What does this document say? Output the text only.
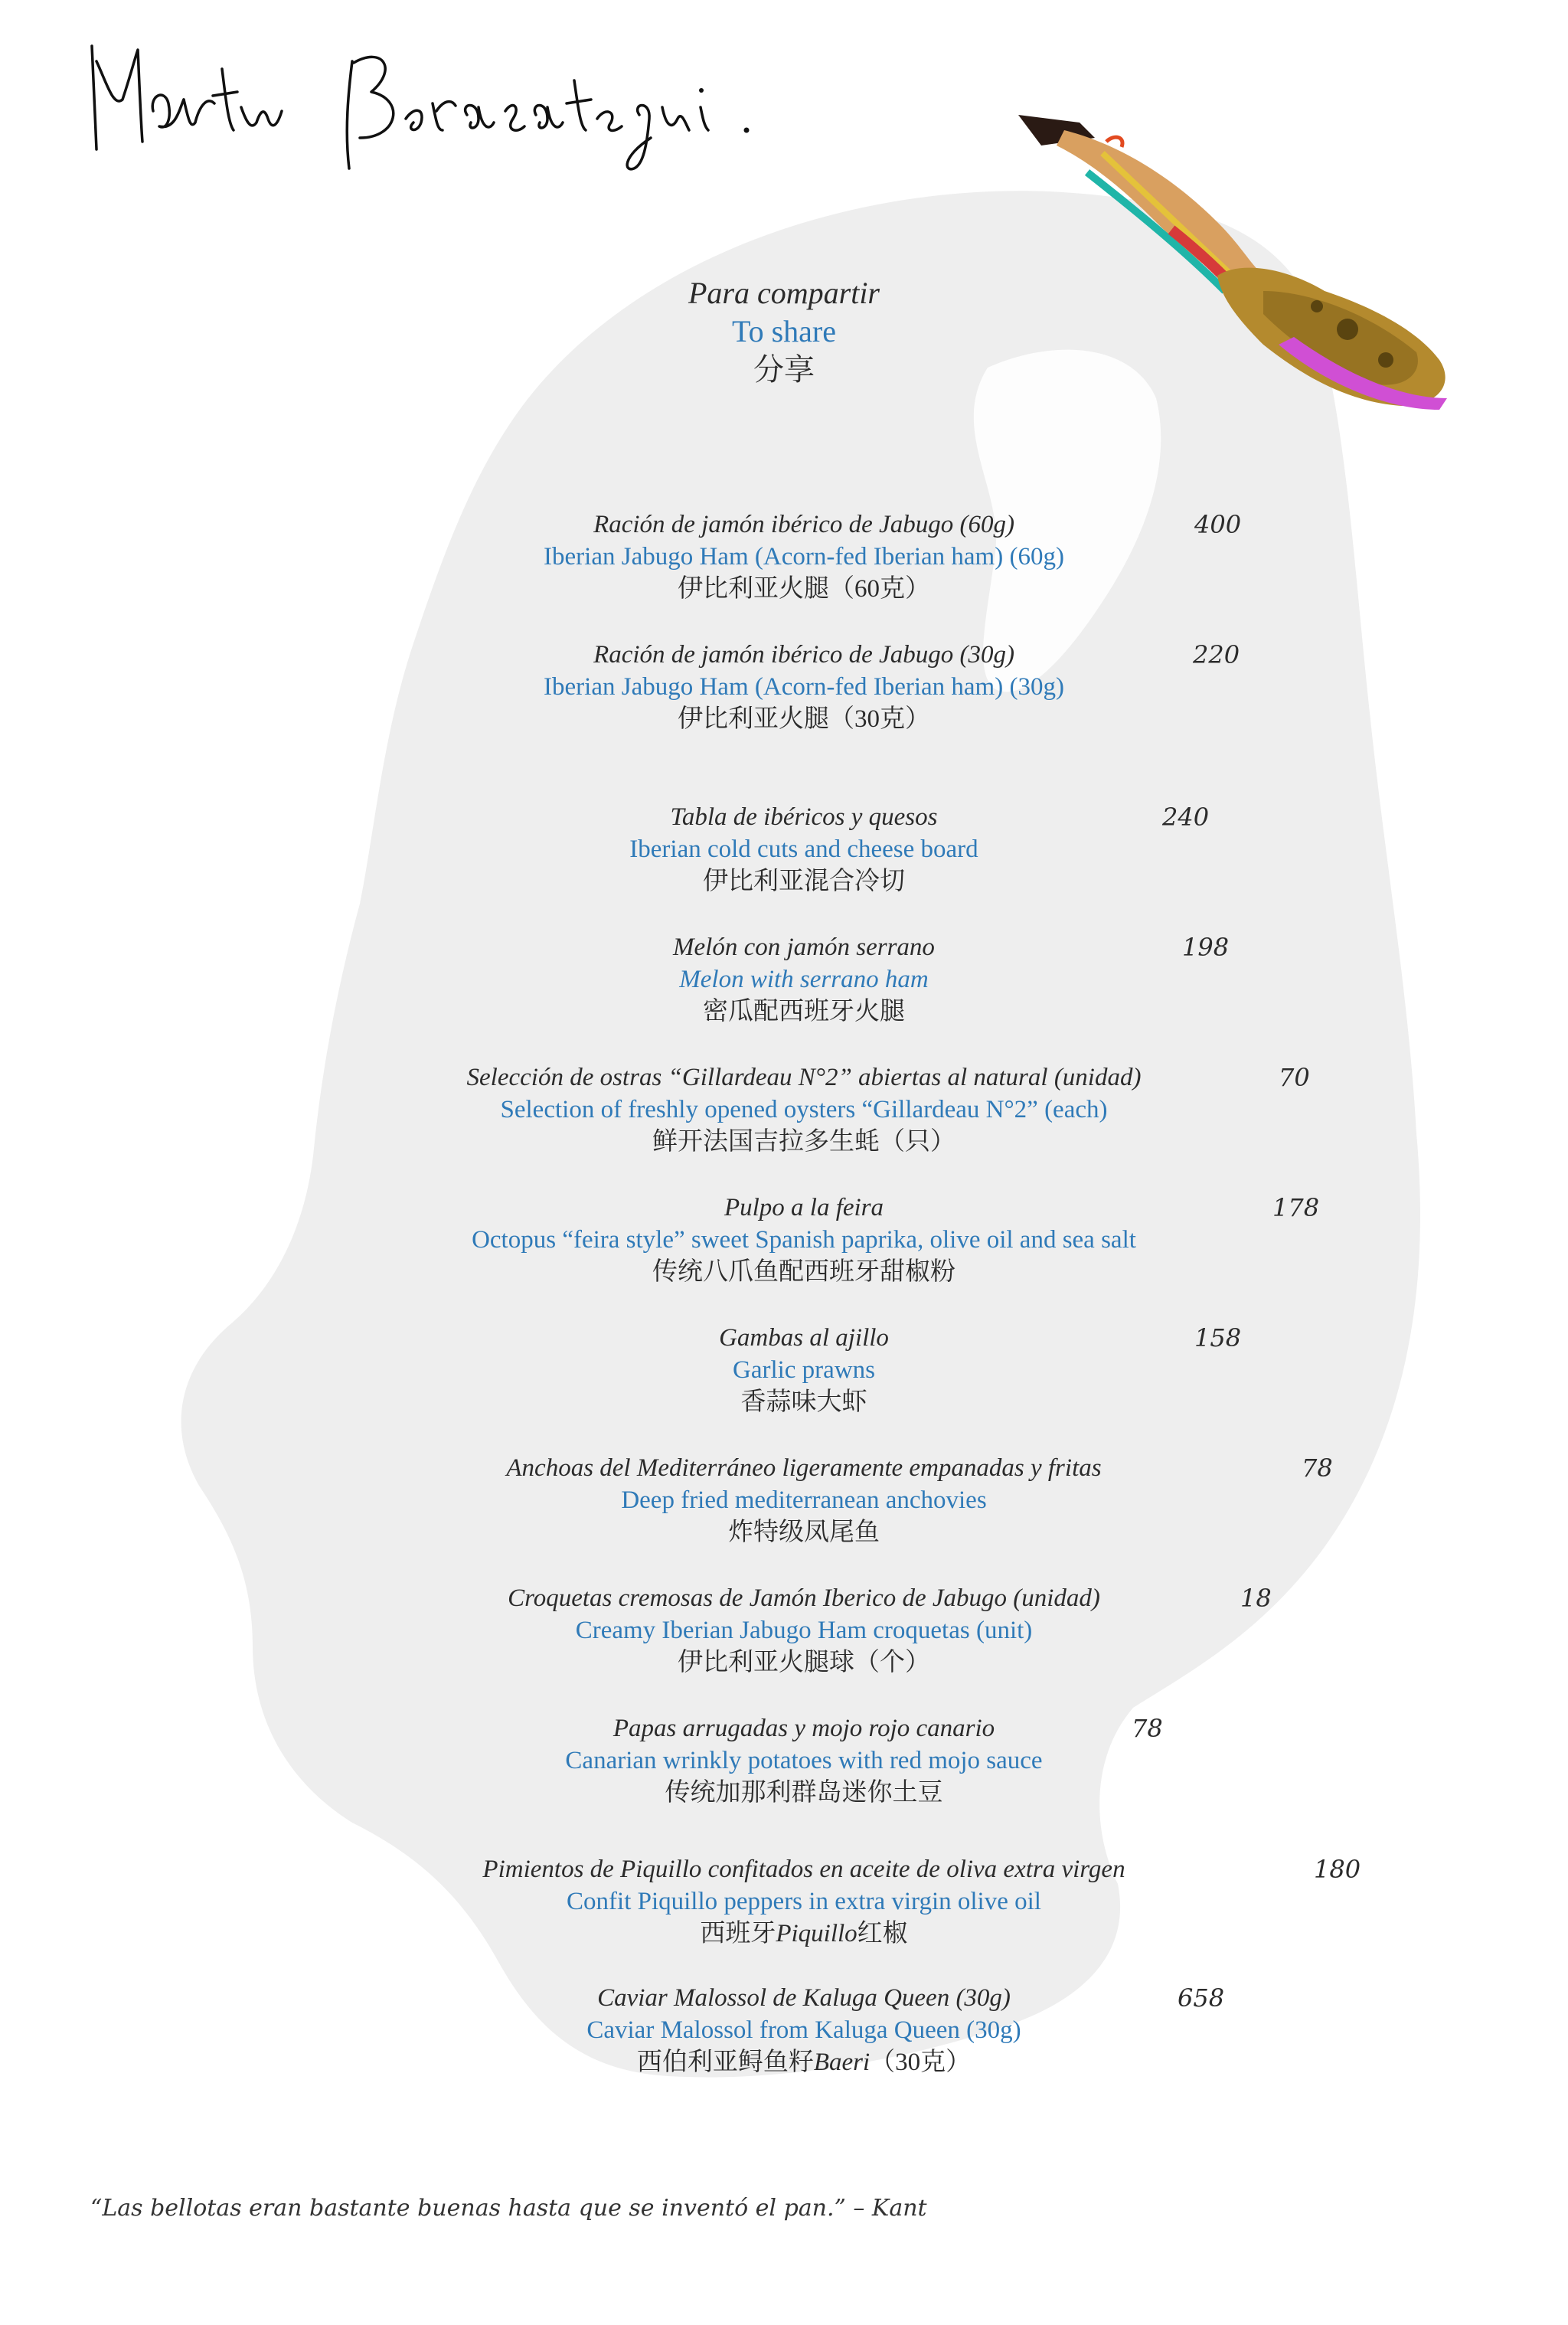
Para compartir
To share
分享
Ración de jamón ibérico de Jabugo (60g)
Iberian Jabugo Ham (Acorn-fed Iberian ham) (60g)
伊比利亚火腿（60克）
400
Ración de jamón ibérico de Jabugo (30g)
Iberian Jabugo Ham (Acorn-fed Iberian ham) (30g)
伊比利亚火腿（30克）
220
Tabla de ibéricos y quesos
Iberian cold cuts and cheese board
伊比利亚混合冷切
240
Melón con jamón serrano
Melon with serrano ham
密瓜配西班牙火腿
198
Selección de ostras “Gillardeau N°2” abiertas al natural (unidad)
Selection of freshly opened oysters “Gillardeau N°2” (each)
鲜开法国吉拉多生蚝（只）
70
Pulpo a la feira
Octopus “feira style” sweet Spanish paprika, olive oil and sea salt
传统八爪鱼配西班牙甜椒粉
178
Gambas al ajillo
Garlic prawns
香蒜味大虾
158
Anchoas del Mediterráneo ligeramente empanadas y fritas
Deep fried mediterranean anchovies
炸特级凤尾鱼
78
Croquetas cremosas de Jamón Iberico de Jabugo (unidad)
Creamy Iberian Jabugo Ham croquetas (unit)
伊比利亚火腿球（个）
18
Papas arrugadas y mojo rojo canario
Canarian wrinkly potatoes with red mojo sauce
传统加那利群岛迷你土豆
78
Pimientos de Piquillo confitados en aceite de oliva extra virgen
Confit Piquillo peppers in extra virgin olive oil
西班牙Piquillo红椒
180
Caviar Malossol de Kaluga Queen (30g)
Caviar Malossol from Kaluga Queen (30g)
西伯利亚鲟鱼籽Baeri（30克）
658
“Las bellotas eran bastante buenas hasta que se inventó el pan.” – Kant
